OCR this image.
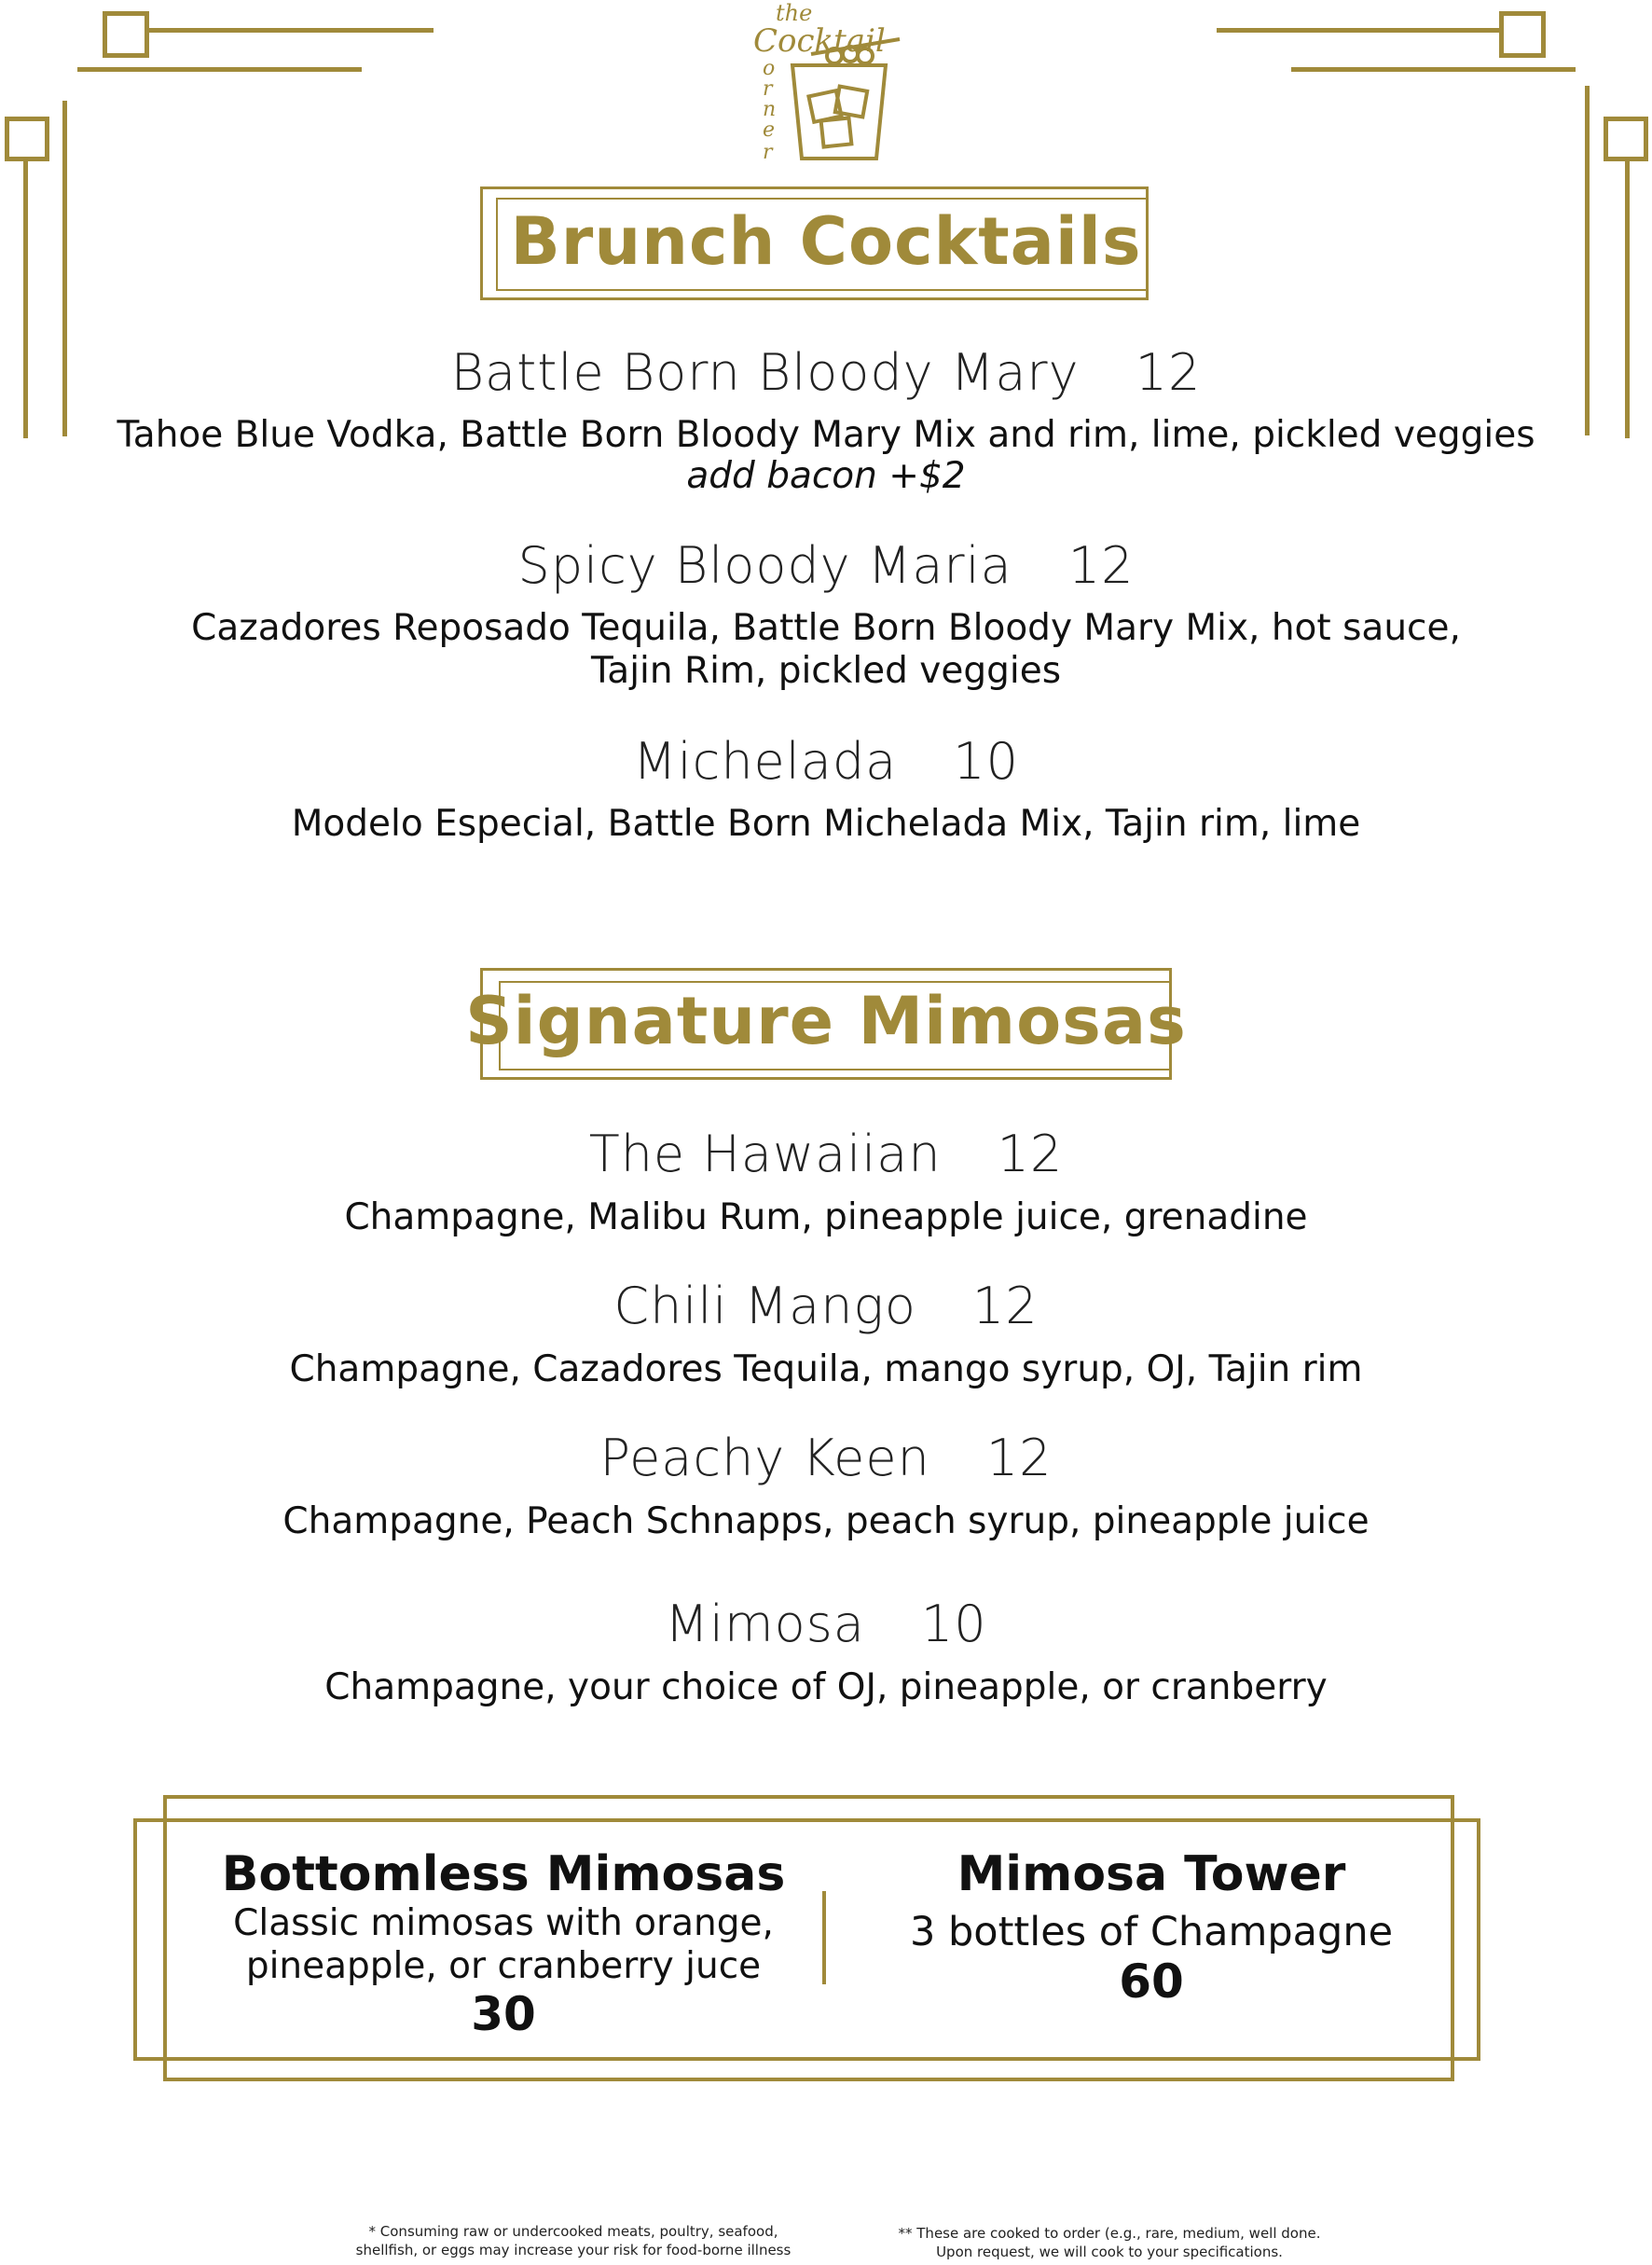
the
Cocktail
o
r
n
e
r
Brunch Cocktails
Battle Born Bloody Mary 12
Tahoe Blue Vodka, Battle Born Bloody Mary Mix and rim, lime, pickled veggies
add bacon +$2
Spicy Bloody Maria 12
Cazadores Reposado Tequila, Battle Born Bloody Mary Mix, hot sauce,
Tajin Rim, pickled veggies
Michelada 10
Modelo Especial, Battle Born Michelada Mix, Tajin rim, lime
Signature Mimosas
The Hawaiian 12
Champagne, Malibu Rum, pineapple juice, grenadine
Chili Mango 12
Champagne, Cazadores Tequila, mango syrup, OJ, Tajin rim
Peachy Keen 12
Champagne, Peach Schnapps, peach syrup, pineapple juice
Mimosa 10
Champagne, your choice of OJ, pineapple, or cranberry
Bottomless Mimosas
Classic mimosas with orange,
pineapple, or cranberry juce
30
Mimosa Tower
3 bottles of Champagne
60
* Consuming raw or undercooked meats, poultry, seafood,
shellfish, or eggs may increase your risk for food-borne illness
** These are cooked to order (e.g., rare, medium, well done.
Upon request, we will cook to your specifications.
